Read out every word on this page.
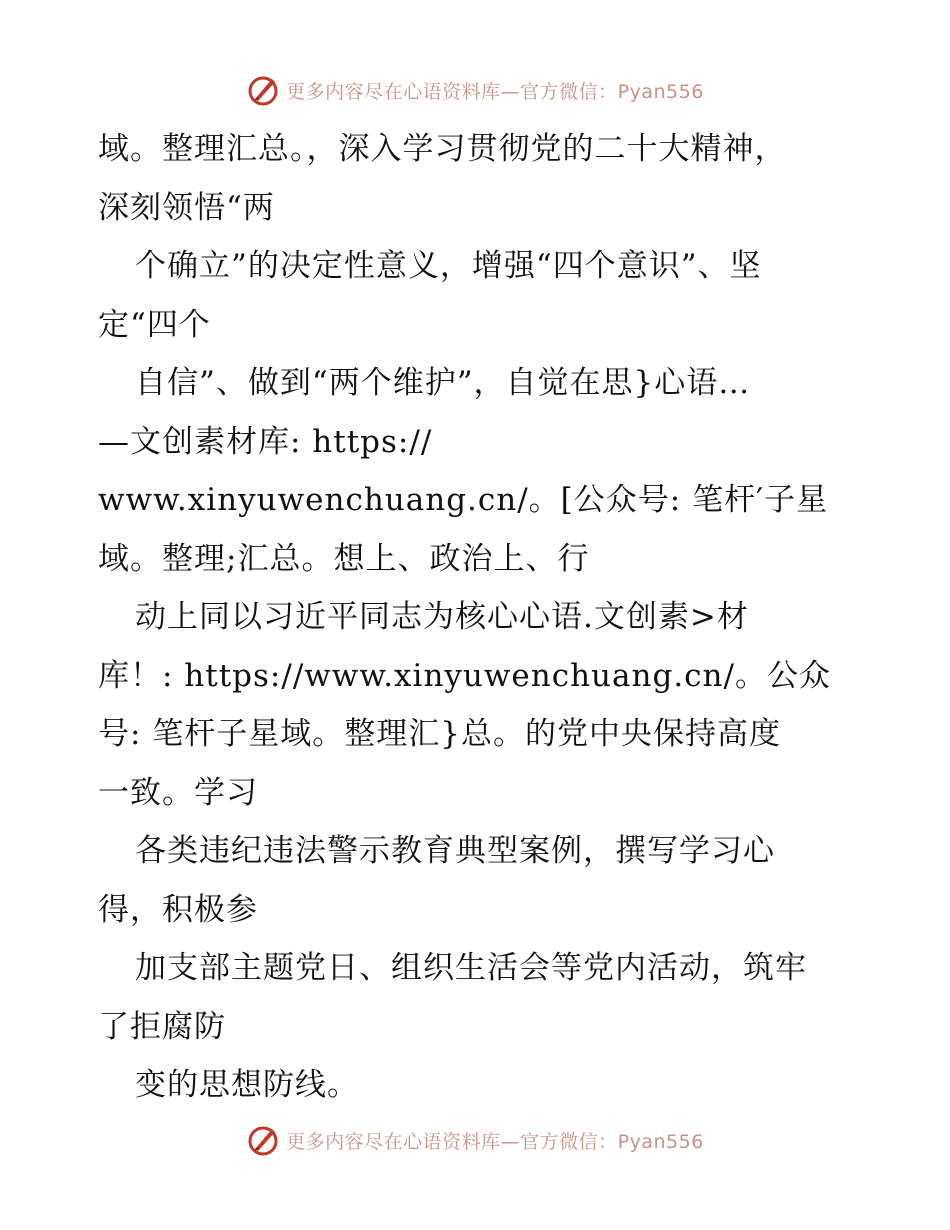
更多内容尽在心语资料库—官方微信：Pyan556
域。整理汇总。，深入学习贯彻党的二十大精神，
深刻领悟“两
个确立”的决定性意义，增强“四个意识”、坚
定“四个
自信”、做到“两个维护”，自觉在思}心语…
—文创素材库: https://
www.xinyuwenchuang.cn/。[公众号: 笔杆′子星
域。整理;汇总。想上、政治上、行
动上同以习近平同志为核心心语.文创素>材
库！: https://www.xinyuwenchuang.cn/。公众
号: 笔杆子星域。整理汇}总。的党中央保持高度
一致。学习
各类违纪违法警示教育典型案例，撰写学习心
得，积极参
加支部主题党日、组织生活会等党内活动，筑牢
了拒腐防
变的思想防线。
更多内容尽在心语资料库—官方微信：Pyan556
